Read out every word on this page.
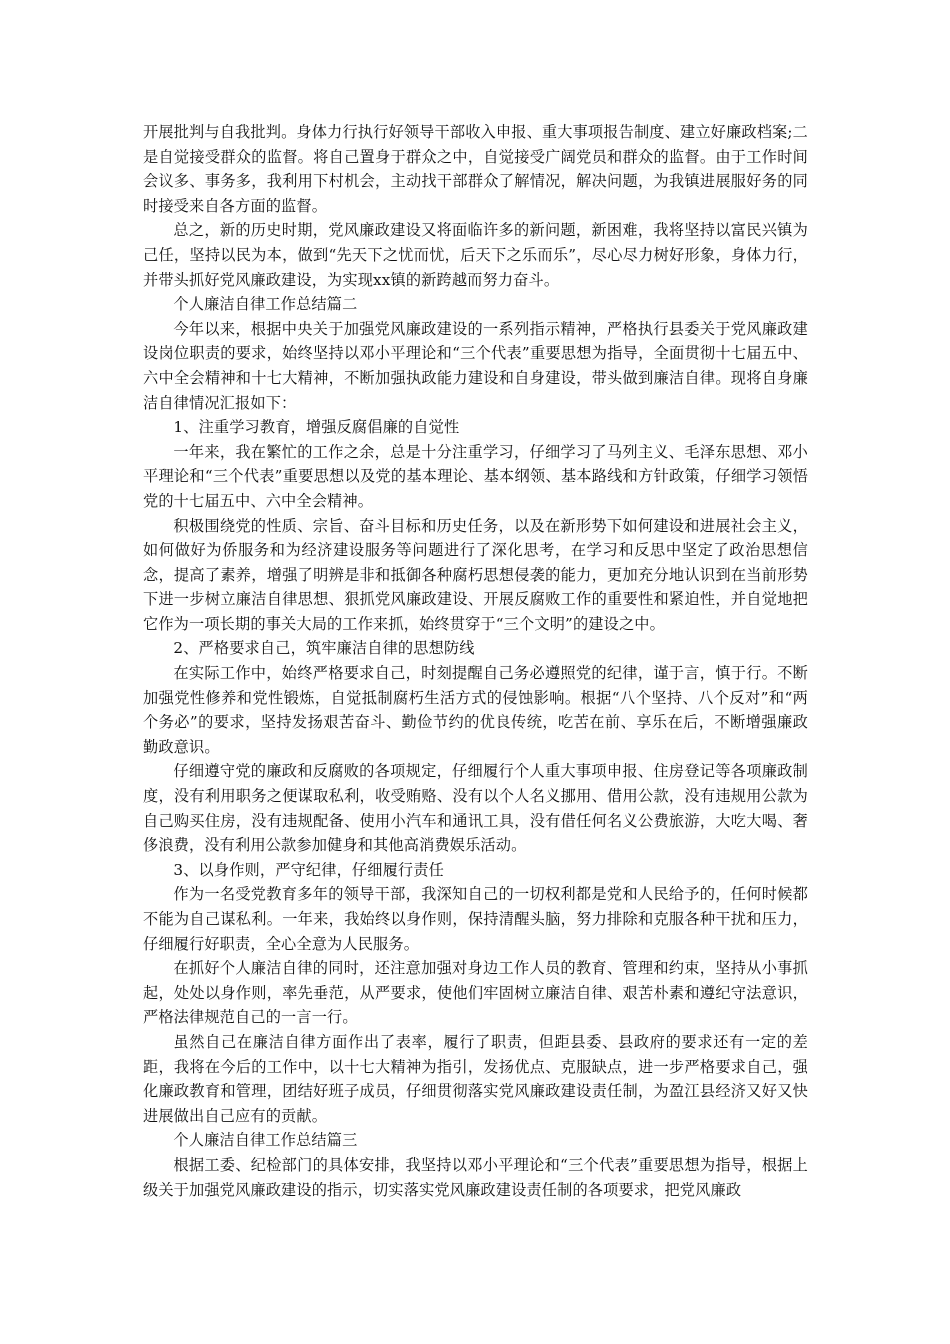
开展批判与自我批判。身体力行执行好领导干部收入申报、重大事项报告制度、建立好廉政档案;二是自觉接受群众的监督。将自己置身于群众之中，自觉接受广阔党员和群众的监督。由于工作时间会议多、事务多，我利用下村机会，主动找干部群众了解情况，解决问题，为我镇进展服好务的同时接受来自各方面的监督。

总之，新的历史时期，党风廉政建设又将面临许多的新问题，新困难，我将坚持以富民兴镇为己任，坚持以民为本，做到“先天下之忧而忧，后天下之乐而乐”，尽心尽力树好形象，身体力行，并带头抓好党风廉政建设，为实现xx镇的新跨越而努力奋斗。

个人廉洁自律工作总结篇二

今年以来，根据中央关于加强党风廉政建设的一系列指示精神，严格执行县委关于党风廉政建设岗位职责的要求，始终坚持以邓小平理论和“三个代表”重要思想为指导，全面贯彻十七届五中、六中全会精神和十七大精神，不断加强执政能力建设和自身建设，带头做到廉洁自律。现将自身廉洁自律情况汇报如下：

1、注重学习教育，增强反腐倡廉的自觉性

一年来，我在繁忙的工作之余，总是十分注重学习，仔细学习了马列主义、毛泽东思想、邓小平理论和“三个代表”重要思想以及党的基本理论、基本纲领、基本路线和方针政策，仔细学习领悟党的十七届五中、六中全会精神。

积极围绕党的性质、宗旨、奋斗目标和历史任务，以及在新形势下如何建设和进展社会主义，如何做好为侨服务和为经济建设服务等问题进行了深化思考，在学习和反思中坚定了政治思想信念，提高了素养，增强了明辨是非和抵御各种腐朽思想侵袭的能力，更加充分地认识到在当前形势下进一步树立廉洁自律思想、狠抓党风廉政建设、开展反腐败工作的重要性和紧迫性，并自觉地把它作为一项长期的事关大局的工作来抓，始终贯穿于“三个文明”的建设之中。

2、严格要求自己，筑牢廉洁自律的思想防线

在实际工作中，始终严格要求自己，时刻提醒自己务必遵照党的纪律，谨于言，慎于行。不断加强党性修养和党性锻炼，自觉抵制腐朽生活方式的侵蚀影响。根据“八个坚持、八个反对”和“两个务必”的要求，坚持发扬艰苦奋斗、勤俭节约的优良传统，吃苦在前、享乐在后，不断增强廉政勤政意识。

仔细遵守党的廉政和反腐败的各项规定，仔细履行个人重大事项申报、住房登记等各项廉政制度，没有利用职务之便谋取私利，收受贿赂、没有以个人名义挪用、借用公款，没有违规用公款为自己购买住房，没有违规配备、使用小汽车和通讯工具，没有借任何名义公费旅游，大吃大喝、奢侈浪费，没有利用公款参加健身和其他高消费娱乐活动。

3、以身作则，严守纪律，仔细履行责任

作为一名受党教育多年的领导干部，我深知自己的一切权利都是党和人民给予的，任何时候都不能为自己谋私利。一年来，我始终以身作则，保持清醒头脑，努力排除和克服各种干扰和压力，仔细履行好职责，全心全意为人民服务。

在抓好个人廉洁自律的同时，还注意加强对身边工作人员的教育、管理和约束，坚持从小事抓起，处处以身作则，率先垂范，从严要求，使他们牢固树立廉洁自律、艰苦朴素和遵纪守法意识，严格法律规范自己的一言一行。

虽然自己在廉洁自律方面作出了表率，履行了职责，但距县委、县政府的要求还有一定的差距，我将在今后的工作中，以十七大精神为指引，发扬优点、克服缺点，进一步严格要求自己，强化廉政教育和管理，团结好班子成员，仔细贯彻落实党风廉政建设责任制，为盈江县经济又好又快进展做出自己应有的贡献。

个人廉洁自律工作总结篇三

根据工委、纪检部门的具体安排，我坚持以邓小平理论和“三个代表”重要思想为指导，根据上级关于加强党风廉政建设的指示，切实落实党风廉政建设责任制的各项要求，把党风廉政
